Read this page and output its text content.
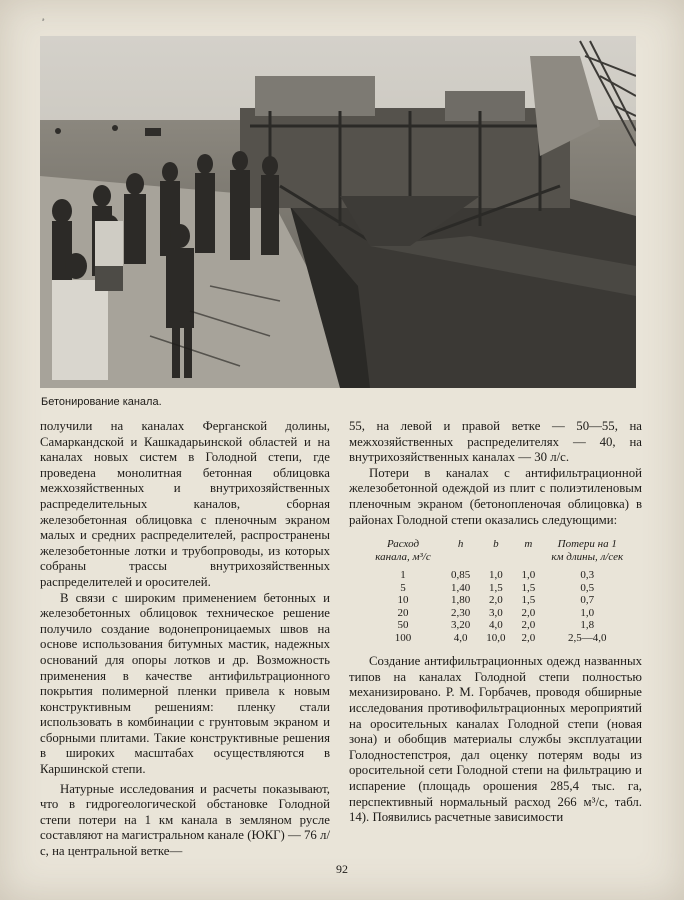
ₔ
Бетонирование канала.

получили на каналах Ферганской долины, Самаркандской и Кашкадарьинской областей и на каналах новых систем в Голодной степи, где проведена монолитная бетонная облицовка межхозяйственных и внутрихозяйственных распределительных каналов, сборная железобетонная облицовка с пленочным экраном малых и средних распределителей, распространены железобетонные лотки и трубопроводы, из которых собраны трассы внутрихозяйственных распределителей и оросителей.

В связи с широким применением бетонных и железобетонных облицовок техническое решение получило создание водонепроницаемых швов на основе использования битумных мастик, надежных оснований для опоры лотков и др. Возможность применения в качестве антифильтрационного покрытия полимерной пленки привела к новым конструктивным решениям: пленку стали использовать в комбинации с грунтовым экраном и сборными плитами. Такие конструктивные решения в широких масштабах осуществляются в Каршинской степи.

Натурные исследования и расчеты показывают, что в гидрогеологической обстановке Голодной степи потери на 1 км канала в земляном русле составляют на магистральном канале (ЮКГ) — 76 л/с, на центральной ветке—

55, на левой и правой ветке — 50—55, на межхозяйственных распределителях — 40, на внутрихозяйственных каналах — 30 л/с.

Потери в каналах с антифильтрационной железобетонной одеждой из плит с полиэтиленовым пленочным экраном (бетонопленочая облицовка) в районах Голодной степи оказались следующими:

Расход канала, м³/с	h	b	m	Потери на 1 км длины, л/сек
1	0,85	1,0	1,0	0,3
5	1,40	1,5	1,5	0,5
10	1,80	2,0	1,5	0,7
20	2,30	3,0	2,0	1,0
50	3,20	4,0	2,0	1,8
100	4,0	10,0	2,0	2,5—4,0

Создание антифильтрационных одежд названных типов на каналах Голодной степи полностью механизировано. Р. М. Горбачев, проводя обширные исследования противофильтрационных мероприятий на оросительных каналах Голодной степи (новая зона) и обобщив материалы службы эксплуатации Голодностепстроя, дал оценку потерям воды из оросительной сети Голодной степи на фильтрацию и испарение (площадь орошения 285,4 тыс. га, перспективный нормальный расход 266 м³/с, табл. 14). Появились расчетные зависимости

92
